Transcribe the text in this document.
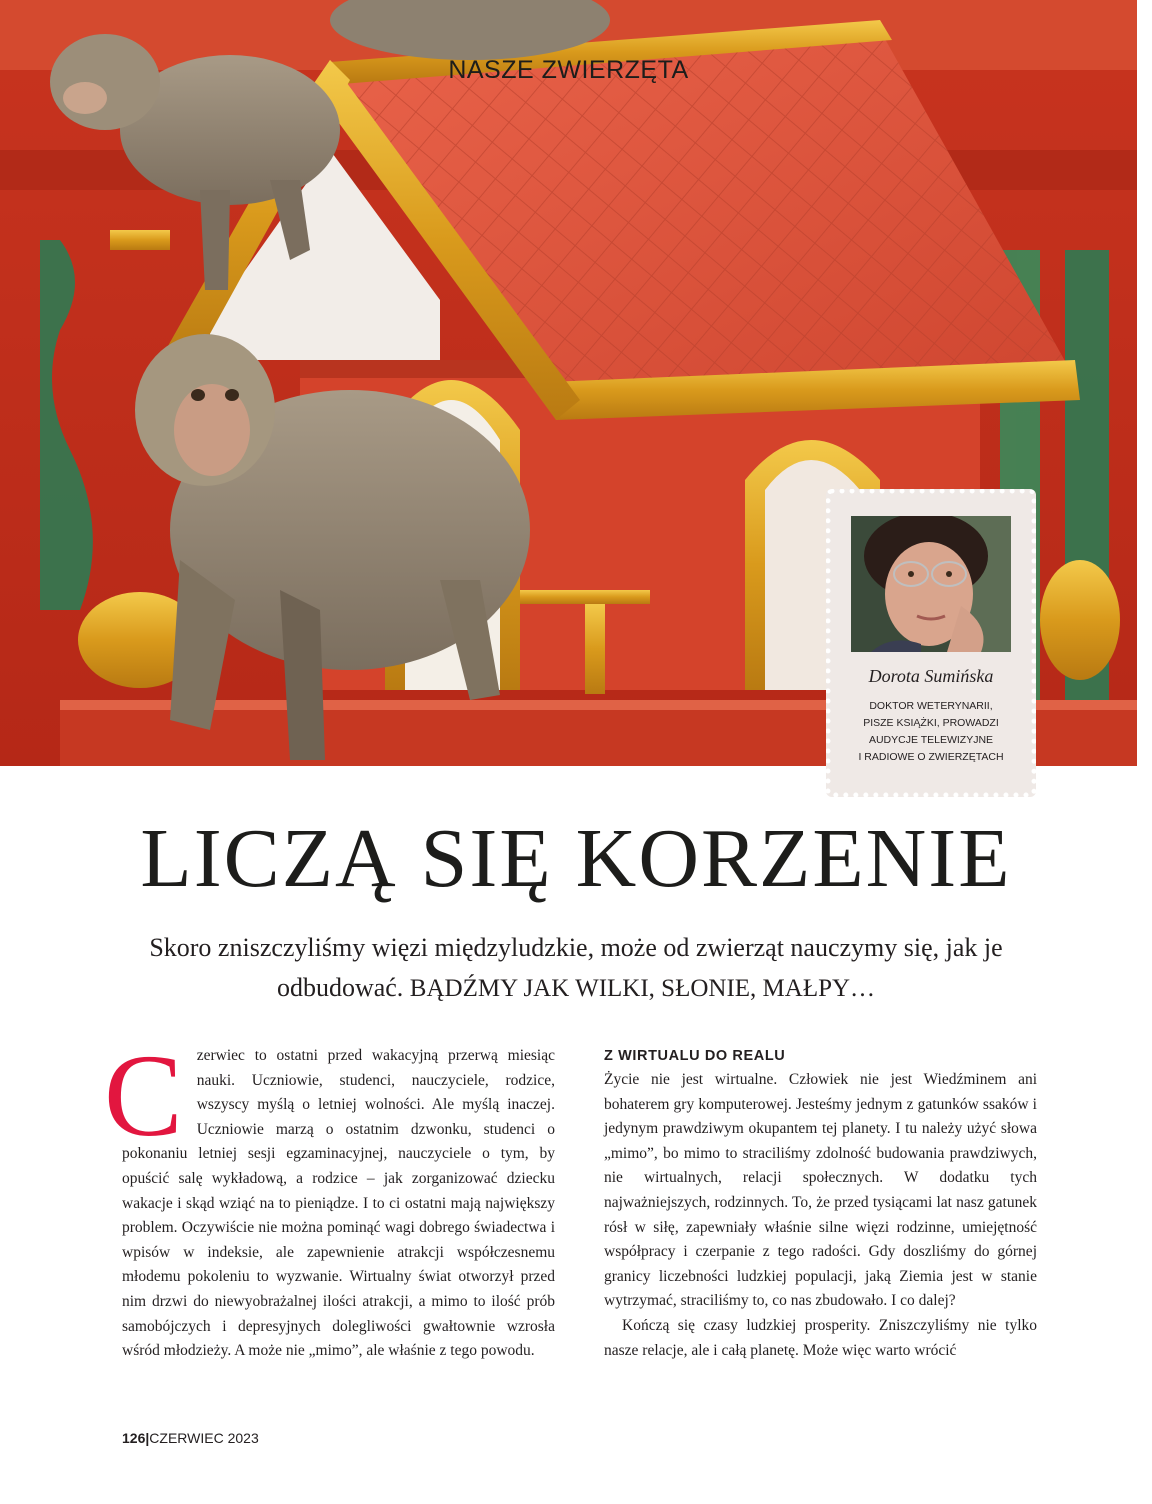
NASZE ZWIERZĘTA
Dorota Sumińska
DOKTOR WETERYNARII,
PISZE KSIĄŻKI, PROWADZI
AUDYCJE TELEWIZYJNE
I RADIOWE O ZWIERZĘTACH
LICZĄ SIĘ KORZENIE
Skoro zniszczyliśmy więzi międzyludzkie, może od zwierząt nauczymy się, jak je odbudować. BĄDŹMY JAK WILKI, SŁONIE, MAŁPY…
C zerwiec to ostatni przed wakacyjną przerwą miesiąc nauki. Uczniowie, studenci, nauczyciele, rodzice, wszyscy myślą o letniej wolności. Ale myślą inaczej. Uczniowie marzą o ostatnim dzwonku, studenci o pokonaniu letniej sesji egzaminacyjnej, nauczyciele o tym, by opuścić salę wykładową, a rodzice – jak zorganizować dziecku wakacje i skąd wziąć na to pieniądze. I to ci ostatni mają największy problem. Oczywiście nie można pominąć wagi dobrego świadectwa i wpisów w indeksie, ale zapewnienie atrakcji współczesnemu młodemu pokoleniu to wyzwanie. Wirtualny świat otworzył przed nim drzwi do niewyobrażalnej ilości atrakcji, a mimo to ilość prób samobójczych i depresyjnych dolegliwości gwałtownie wzrosła wśród młodzieży. A może nie „mimo”, ale właśnie z tego powodu.

Z WIRTUALU DO REALU

Życie nie jest wirtualne. Człowiek nie jest Wiedźminem ani bohaterem gry komputerowej. Jesteśmy jednym z gatunków ssaków i jedynym prawdziwym okupantem tej planety. I tu należy użyć słowa „mimo”, bo mimo to straciliśmy zdolność budowania prawdziwych, nie wirtualnych, relacji społecznych. W dodatku tych najważniejszych, rodzinnych. To, że przed tysiącami lat nasz gatunek rósł w siłę, zapewniały właśnie silne więzi rodzinne, umiejętność współpracy i czerpanie z tego radości. Gdy doszliśmy do górnej granicy liczebności ludzkiej populacji, jaką Ziemia jest w stanie wytrzymać, straciliśmy to, co nas zbudowało. I co dalej?

Kończą się czasy ludzkiej prosperity. Zniszczyliśmy nie tylko nasze relacje, ale i całą planetę. Może więc warto wrócić

126|CZERWIEC 2023
